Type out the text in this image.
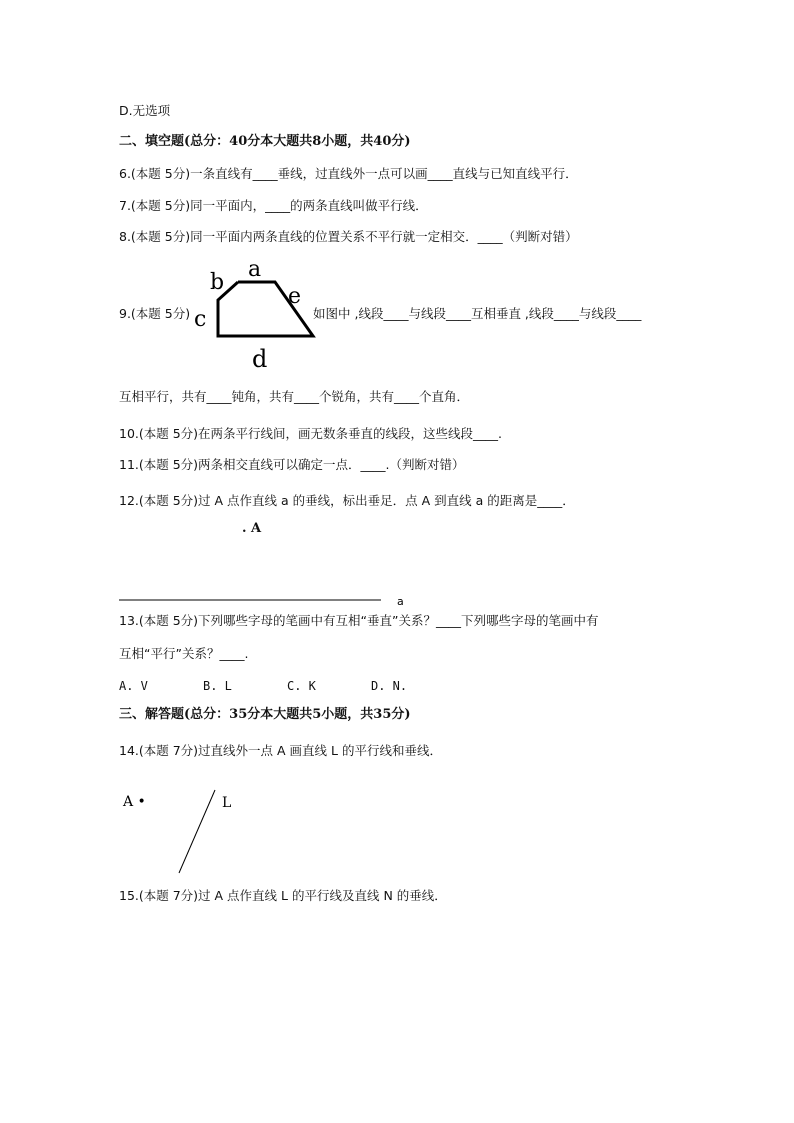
D.无选项
二、填空题(总分：40分本大题共8小题，共40分)
6.(本题 5分)一条直线有____垂线，过直线外一点可以画____直线与已知直线平行．
7.(本题 5分)同一平面内，____的两条直线叫做平行线．
8.(本题 5分)同一平面内两条直线的位置关系不平行就一定相交．____（判断对错）
9.(本题 5分)
a
b
c
d
e
如图中 ,线段____与线段____互相垂直 ,线段____与线段____
互相平行，共有____钝角，共有____个锐角，共有____个直角．
10.(本题 5分)在两条平行线间，画无数条垂直的线段，这些线段____.
11.(本题 5分)两条相交直线可以确定一点．____.（判断对错）
12.(本题 5分)过 A 点作直线 a 的垂线，标出垂足．点 A 到直线 a 的距离是____．
. A
a
13.(本题 5分)下列哪些字母的笔画中有互相“垂直”关系？____下列哪些字母的笔画中有
互相“平行”关系？____.
A. V	B. L	C. K	D. N.
三、解答题(总分：35分本大题共5小题，共35分)
14.(本题 7分)过直线外一点 A 画直线 L 的平行线和垂线．
A •	L
15.(本题 7分)过 A 点作直线 L 的平行线及直线 N 的垂线．
